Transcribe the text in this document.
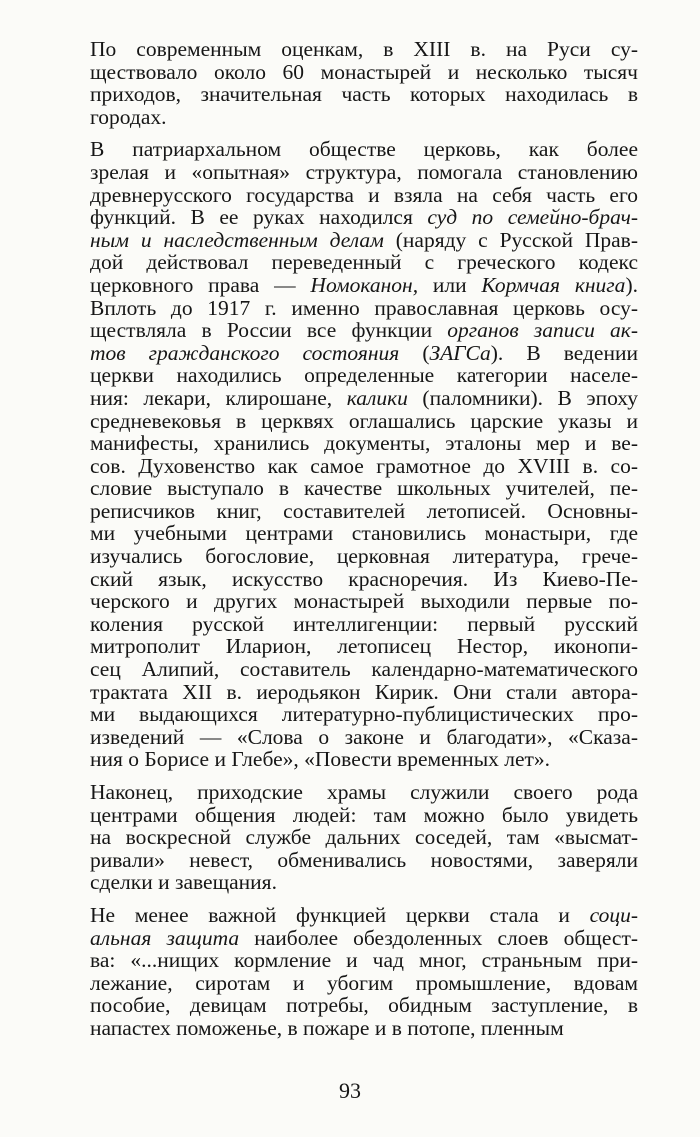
По современным оценкам, в XIII в. на Руси су-
ществовало около 60 монастырей и несколько тысяч
приходов, значительная часть которых находилась в
городах.

В патриархальном обществе церковь, как более
зрелая и «опытная» структура, помогала становлению
древнерусского государства и взяла на себя часть его
функций. В ее руках находился суд по семейно-брач-
ным и наследственным делам (наряду с Русской Прав-
дой действовал переведенный с греческого кодекс
церковного права — Номоканон, или Кормчая книга).
Вплоть до 1917 г. именно православная церковь осу-
ществляла в России все функции органов записи ак-
тов гражданского состояния (ЗАГСа). В ведении
церкви находились определенные категории населе-
ния: лекари, клирошане, калики (паломники). В эпоху
средневековья в церквях оглашались царские указы и
манифесты, хранились документы, эталоны мер и ве-
сов. Духовенство как самое грамотное до XVIII в. со-
словие выступало в качестве школьных учителей, пе-
реписчиков книг, составителей летописей. Основны-
ми учебными центрами становились монастыри, где
изучались богословие, церковная литература, грече-
ский язык, искусство красноречия. Из Киево-Пе-
черского и других монастырей выходили первые по-
коления русской интеллигенции: первый русский
митрополит Иларион, летописец Нестор, иконопи-
сец Алипий, составитель календарно-математического
трактата XII в. иеродьякон Кирик. Они стали автора-
ми выдающихся литературно-публицистических про-
изведений — «Слова о законе и благодати», «Сказа-
ния о Борисе и Глебе», «Повести временных лет».

Наконец, приходские храмы служили своего рода
центрами общения людей: там можно было увидеть
на воскресной службе дальних соседей, там «высмат-
ривали» невест, обменивались новостями, заверяли
сделки и завещания.

Не менее важной функцией церкви стала и соци-
альная защита наиболее обездоленных слоев общест-
ва: «...нищих кормление и чад мног, страньным при-
лежание, сиротам и убогим промышление, вдовам
пособие, девицам потребы, обидным заступление, в
напастех поможенье, в пожаре и в потопе, пленным

93
